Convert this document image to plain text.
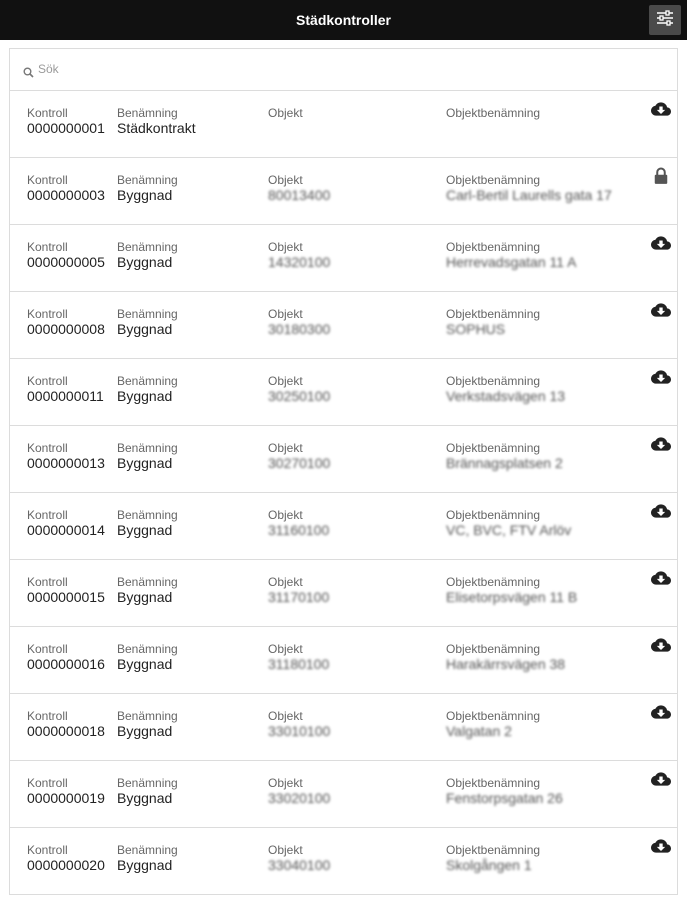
Städkontroller
Sök
Kontroll
0000000001
Benämning
Städkontrakt
Objekt	Objektbenämning
Kontroll
0000000003
Benämning
Byggnad
Objekt
80013400
Objektbenämning
Carl-Bertil Laurells gata 17
Kontroll
0000000005
Benämning
Byggnad
Objekt
14320100
Objektbenämning
Herrevadsgatan 11 A
Kontroll
0000000008
Benämning
Byggnad
Objekt
30180300
Objektbenämning
SOPHUS
Kontroll
0000000011
Benämning
Byggnad
Objekt
30250100
Objektbenämning
Verkstadsvägen 13
Kontroll
0000000013
Benämning
Byggnad
Objekt
30270100
Objektbenämning
Brännagsplatsen 2
Kontroll
0000000014
Benämning
Byggnad
Objekt
31160100
Objektbenämning
VC, BVC, FTV Arlöv
Kontroll
0000000015
Benämning
Byggnad
Objekt
31170100
Objektbenämning
Elisetorpsvägen 11 B
Kontroll
0000000016
Benämning
Byggnad
Objekt
31180100
Objektbenämning
Harakärrsvägen 38
Kontroll
0000000018
Benämning
Byggnad
Objekt
33010100
Objektbenämning
Valgatan 2
Kontroll
0000000019
Benämning
Byggnad
Objekt
33020100
Objektbenämning
Fenstorpsgatan 26
Kontroll
0000000020
Benämning
Byggnad
Objekt
33040100
Objektbenämning
Skolgången 1
